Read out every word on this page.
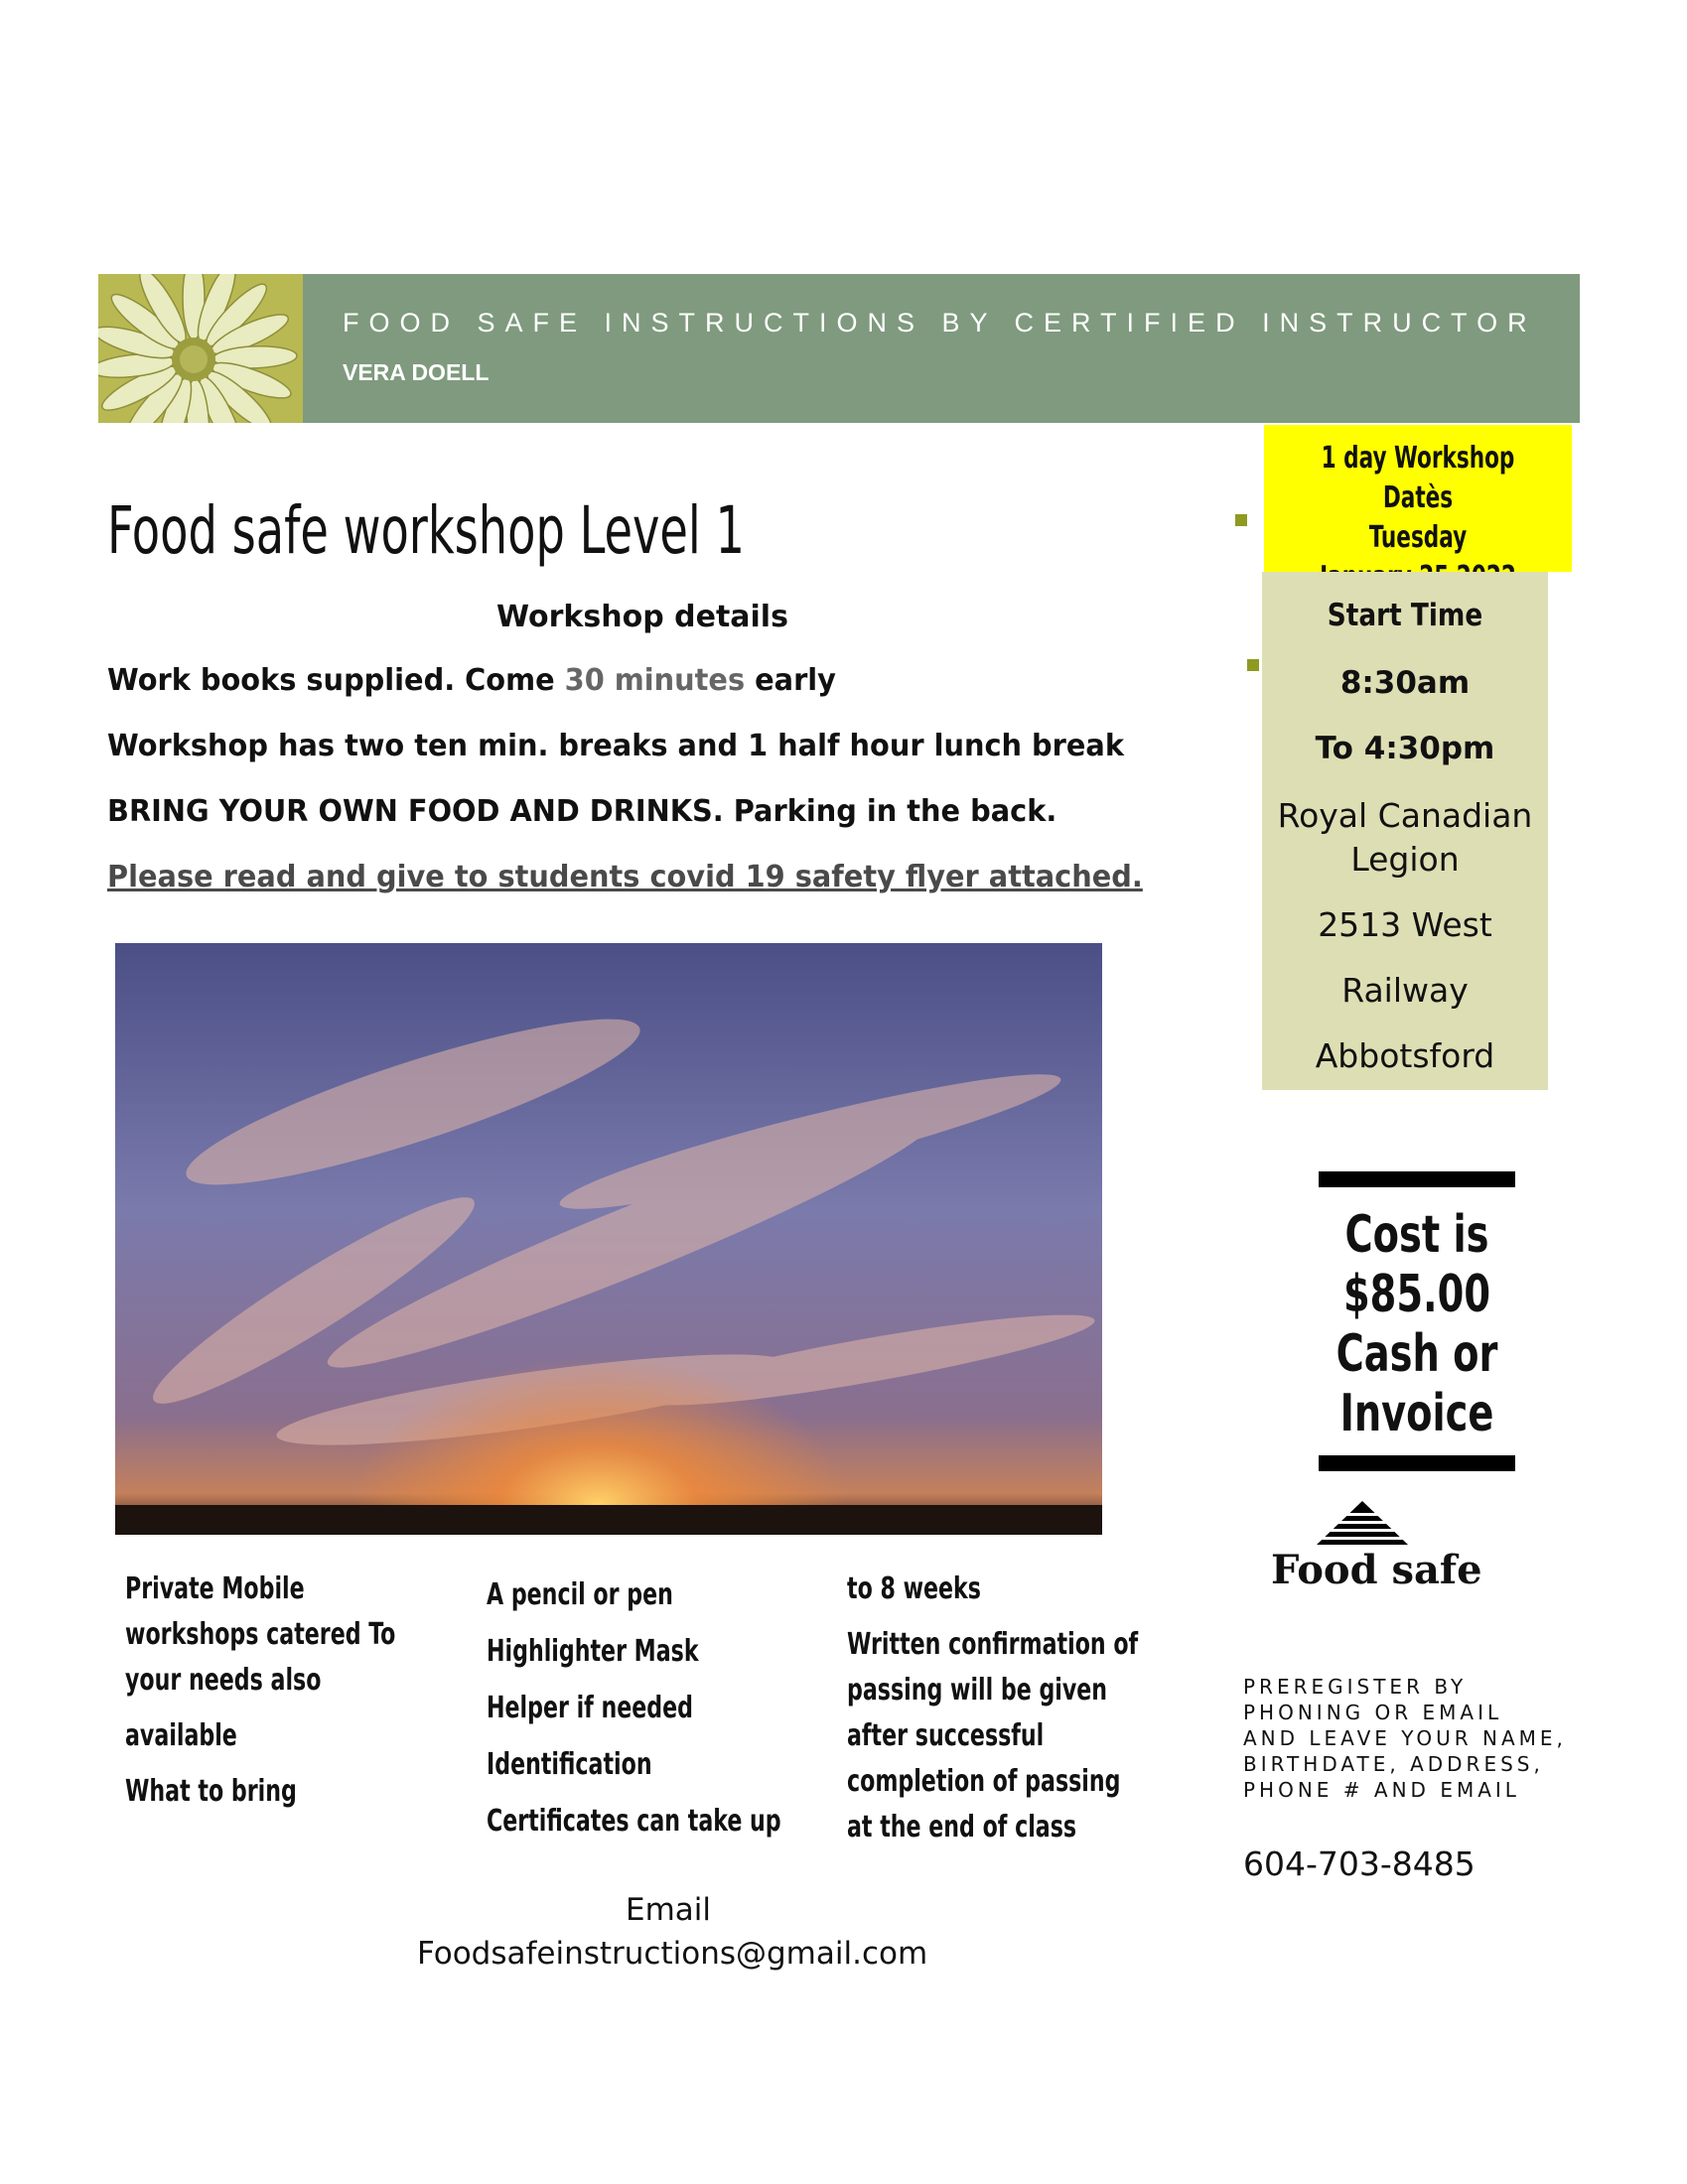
FOOD SAFE INSTRUCTIONS BY CERTIFIED INSTRUCTOR
VERA DOELL
Food safe workshop Level 1
Workshop details
Work books supplied. Come 30 minutes early
Workshop has two ten min. breaks and 1 half hour lunch break
BRING YOUR OWN FOOD AND DRINKS. Parking in the back.
Please read and give to students covid 19 safety flyer attached.
Private Mobile
workshops catered To
your needs also
available
What to bring
A pencil or pen
Highlighter Mask
Helper if needed
Identification
Certificates can take up
to 8 weeks
Written confirmation of
passing will be given
after successful
completion of passing
at the end of class
Email
Foodsafeinstructions@gmail.com
1 day Workshop Datès
Tuesday
Start Time
8:30am
To 4:30pm
Royal Canadian
Legion
2513 West
Railway
Abbotsford
Cost is
$85.00
Cash or
Invoice
Food safe
PREREGISTER BY
PHONING OR EMAIL
AND LEAVE YOUR NAME,
BIRTHDATE, ADDRESS,
PHONE # AND EMAIL
604-703-8485
